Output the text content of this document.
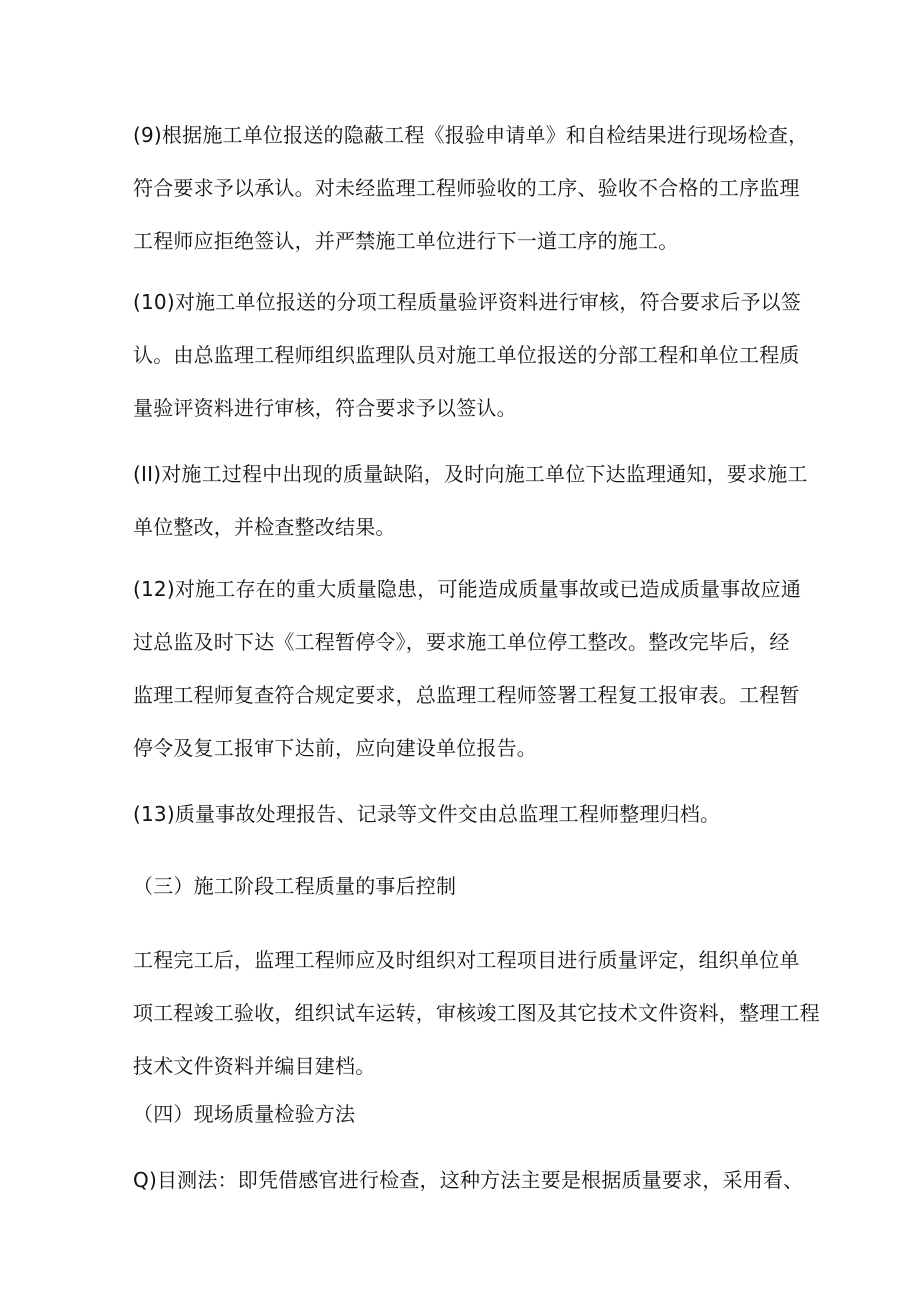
(9)根据施工单位报送的隐蔽工程《报验申请单》和自检结果进行现场检查，
符合要求予以承认。对未经监理工程师验收的工序、验收不合格的工序监理
工程师应拒绝签认，并严禁施工单位进行下一道工序的施工。
(10)对施工单位报送的分项工程质量验评资料进行审核，符合要求后予以签
认。由总监理工程师组织监理队员对施工单位报送的分部工程和单位工程质
量验评资料进行审核，符合要求予以签认。
(II)对施工过程中出现的质量缺陷，及时向施工单位下达监理通知，要求施工
单位整改，并检查整改结果。
(12)对施工存在的重大质量隐患，可能造成质量事故或已造成质量事故应通
过总监及时下达《工程暂停令》，要求施工单位停工整改。整改完毕后，经
监理工程师复查符合规定要求，总监理工程师签署工程复工报审表。工程暂
停令及复工报审下达前，应向建设单位报告。
(13)质量事故处理报告、记录等文件交由总监理工程师整理归档。
（三）施工阶段工程质量的事后控制
工程完工后，监理工程师应及时组织对工程项目进行质量评定，组织单位单
项工程竣工验收，组织试车运转，审核竣工图及其它技术文件资料，整理工程
技术文件资料并编目建档。
（四）现场质量检验方法
Q)目测法：即凭借感官进行检查，这种方法主要是根据质量要求，采用看、
